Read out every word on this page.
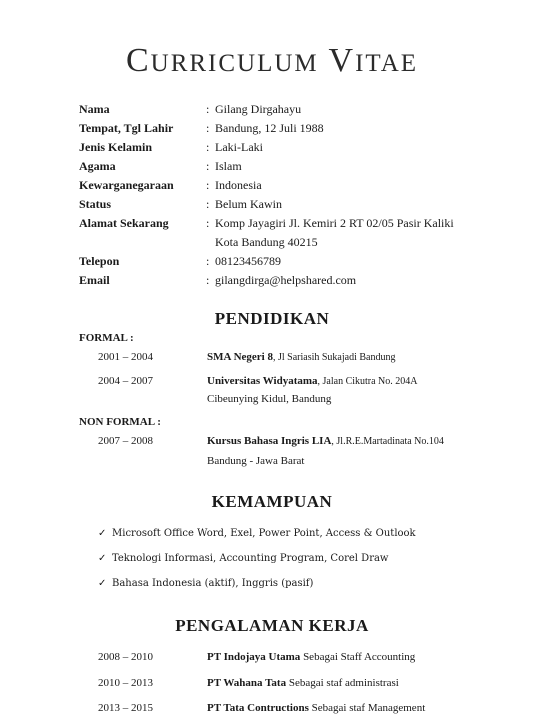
CURRICULUM VITAE
Nama	: Gilang Dirgahayu
Tempat, Tgl Lahir	: Bandung, 12 Juli 1988
Jenis Kelamin	: Laki-Laki
Agama	: Islam
Kewarganegaraan	: Indonesia
Status	: Belum Kawin
Alamat Sekarang	: Komp Jayagiri Jl. Kemiri 2 RT 02/05 Pasir Kaliki
Kota Bandung 40215
Telepon	: 08123456789
Email	: gilangdirga@helpshared.com
PENDIDIKAN
FORMAL :
2001 – 2004	SMA Negeri 8, Jl Sariasih Sukajadi Bandung
2004 – 2007	Universitas Widyatama, Jalan Cikutra No. 204A
Cibeunying Kidul, Bandung
NON FORMAL :
2007 – 2008	Kursus Bahasa Ingris LIA, Jl.R.E.Martadinata No.104
Bandung - Jawa Barat
KEMAMPUAN
✓ Microsoft Office Word, Exel, Power Point, Access & Outlook
✓ Teknologi Informasi, Accounting Program, Corel Draw
✓ Bahasa Indonesia (aktif), Inggris (pasif)
PENGALAMAN KERJA
2008 – 2010	PT Indojaya Utama Sebagai Staff Accounting
2010 – 2013	PT Wahana Tata Sebagai staf administrasi
2013 – 2015	PT Tata Contructions Sebagai staf Management
